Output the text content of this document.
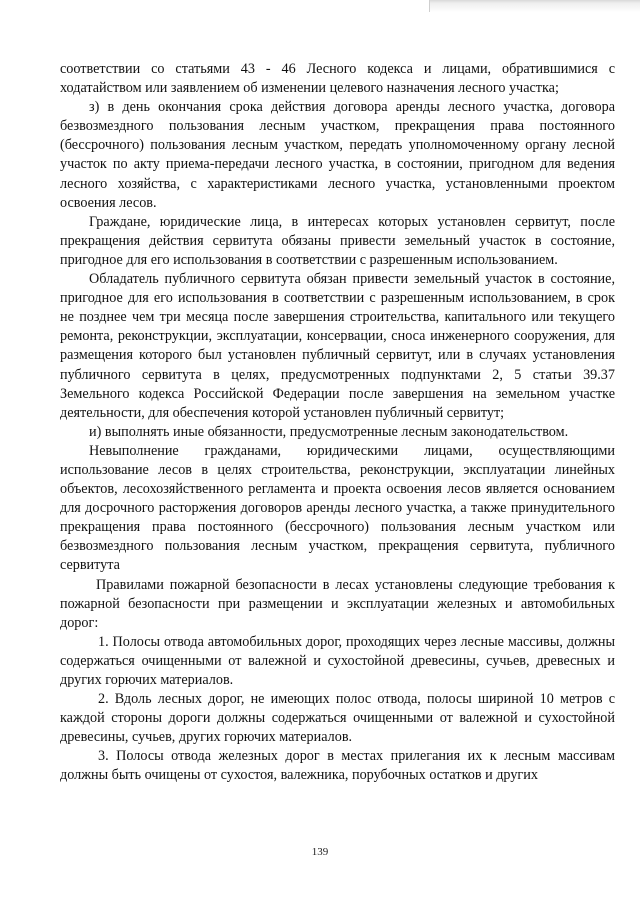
соответствии со статьями 43 - 46 Лесного кодекса и лицами, обратившимися с ходатайством или заявлением об изменении целевого назначения лесного участка;

з) в день окончания срока действия договора аренды лесного участка, договора безвозмездного пользования лесным участком, прекращения права постоянного (бессрочного) пользования лесным участком, передать уполномоченному органу лесной участок по акту приема-передачи лесного участка, в состоянии, пригодном для ведения лесного хозяйства, с характеристиками лесного участка, установленными проектом освоения лесов.

Граждане, юридические лица, в интересах которых установлен сервитут, после прекращения действия сервитута обязаны привести земельный участок в состояние, пригодное для его использования в соответствии с разрешенным использованием.

Обладатель публичного сервитута обязан привести земельный участок в состояние, пригодное для его использования в соответствии с разрешенным использованием, в срок не позднее чем три месяца после завершения строительства, капитального или текущего ремонта, реконструкции, эксплуатации, консервации, сноса инженерного сооружения, для размещения которого был установлен публичный сервитут, или в случаях установления публичного сервитута в целях, предусмотренных подпунктами 2, 5 статьи 39.37 Земельного кодекса Российской Федерации после завершения на земельном участке деятельности, для обеспечения которой установлен публичный сервитут;

и) выполнять иные обязанности, предусмотренные лесным законодательством.

Невыполнение гражданами, юридическими лицами, осуществляющими использование лесов в целях строительства, реконструкции, эксплуатации линейных объектов, лесохозяйственного регламента и проекта освоения лесов является основанием для досрочного расторжения договоров аренды лесного участка, а также принудительного прекращения права постоянного (бессрочного) пользования лесным участком или безвозмездного пользования лесным участком, прекращения сервитута, публичного сервитута

Правилами пожарной безопасности в лесах установлены следующие требования к пожарной безопасности при размещении и эксплуатации железных и автомобильных дорог:

1. Полосы отвода автомобильных дорог, проходящих через лесные массивы, должны содержаться очищенными от валежной и сухостойной древесины, сучьев, древесных и других горючих материалов.

2. Вдоль лесных дорог, не имеющих полос отвода, полосы шириной 10 метров с каждой стороны дороги должны содержаться очищенными от валежной и сухостойной древесины, сучьев, других горючих материалов.

3. Полосы отвода железных дорог в местах прилегания их к лесным массивам должны быть очищены от сухостоя, валежника, порубочных остатков и других

139
